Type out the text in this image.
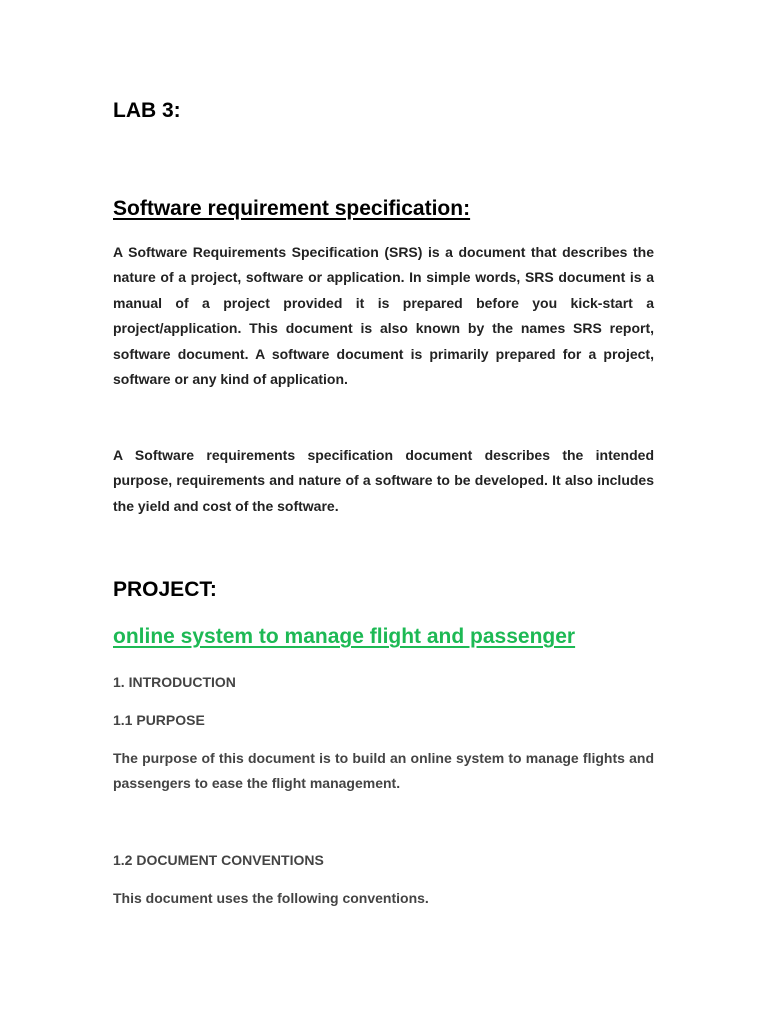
LAB 3:
Software requirement specification:

A Software Requirements Specification (SRS) is a document that describes the nature of a project, software or application. In simple words, SRS document is a manual of a project provided it is prepared before you kick-start a project/application. This document is also known by the names SRS report, software document. A software document is primarily prepared for a project, software or any kind of application.

A Software requirements specification document describes the intended purpose, requirements and nature of a software to be developed. It also includes the yield and cost of the software.

PROJECT:
online system to manage flight and passenger
1. INTRODUCTION
1.1 PURPOSE

The purpose of this document is to build an online system to manage flights and passengers to ease the flight management.

1.2 DOCUMENT CONVENTIONS

This document uses the following conventions.
